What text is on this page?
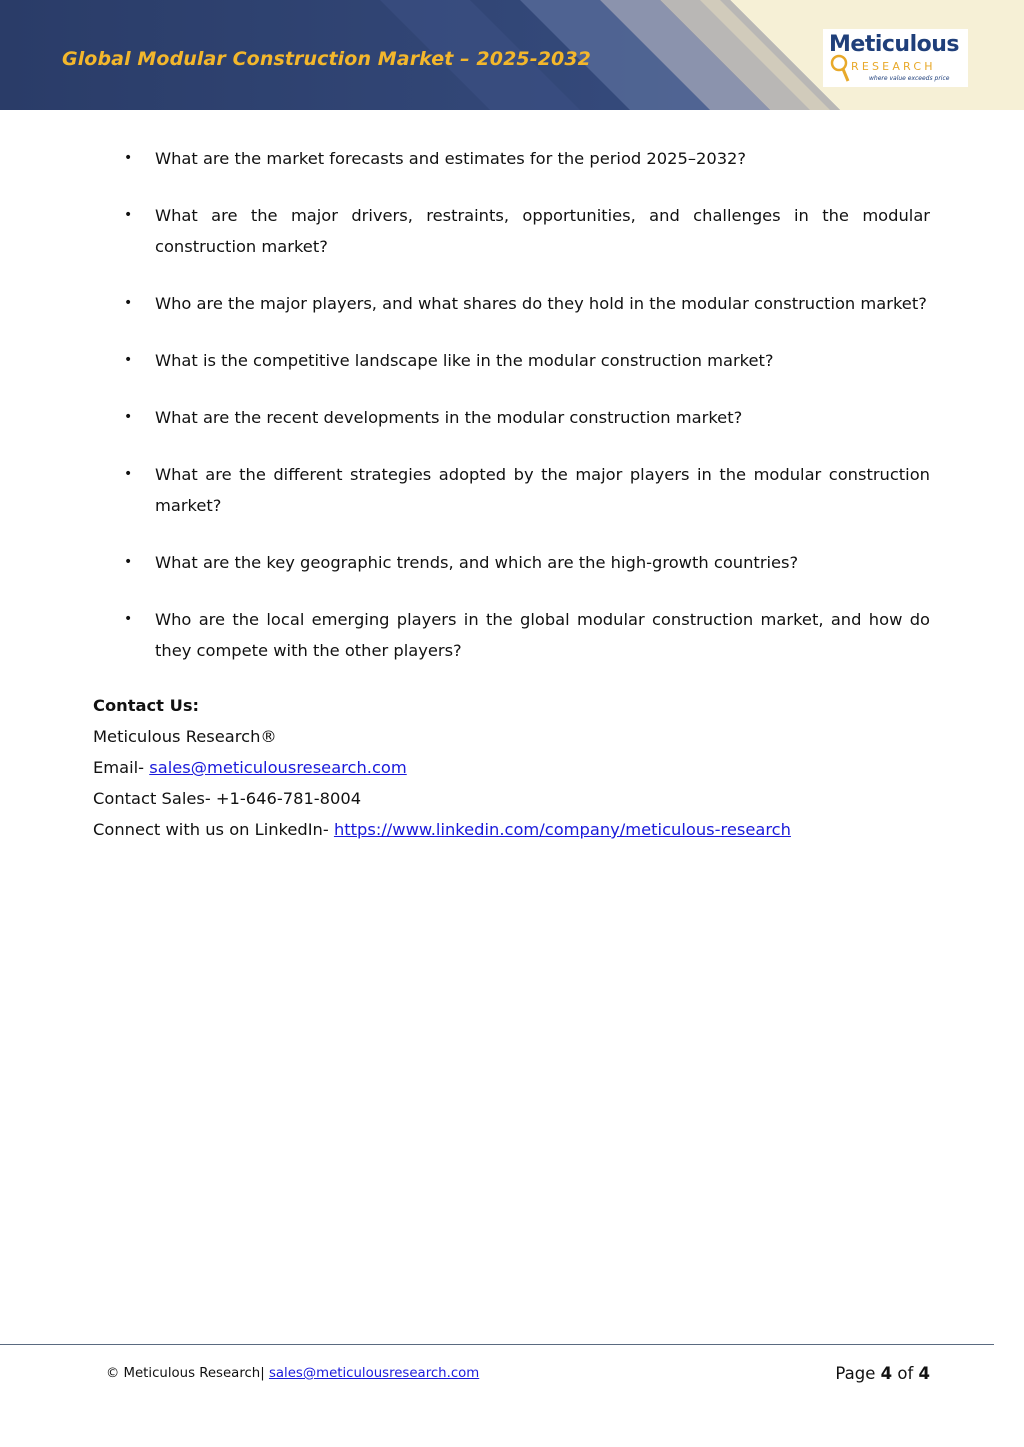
Global Modular Construction Market – 2025-2032
Meticulous
RESEARCH
where value exceeds price
• What are the market forecasts and estimates for the period 2025–2032?
• What are the major drivers, restraints, opportunities, and challenges in the modular construction market?
• Who are the major players, and what shares do they hold in the modular construction market?
• What is the competitive landscape like in the modular construction market?
• What are the recent developments in the modular construction market?
• What are the different strategies adopted by the major players in the modular construction market?
• What are the key geographic trends, and which are the high-growth countries?
• Who are the local emerging players in the global modular construction market, and how do they compete with the other players?
Contact Us:
Meticulous Research®
Email- sales@meticulousresearch.com
Contact Sales- +1-646-781-8004
Connect with us on LinkedIn- https://www.linkedin.com/company/meticulous-research
© Meticulous Research| sales@meticulousresearch.com	Page 4 of 4
